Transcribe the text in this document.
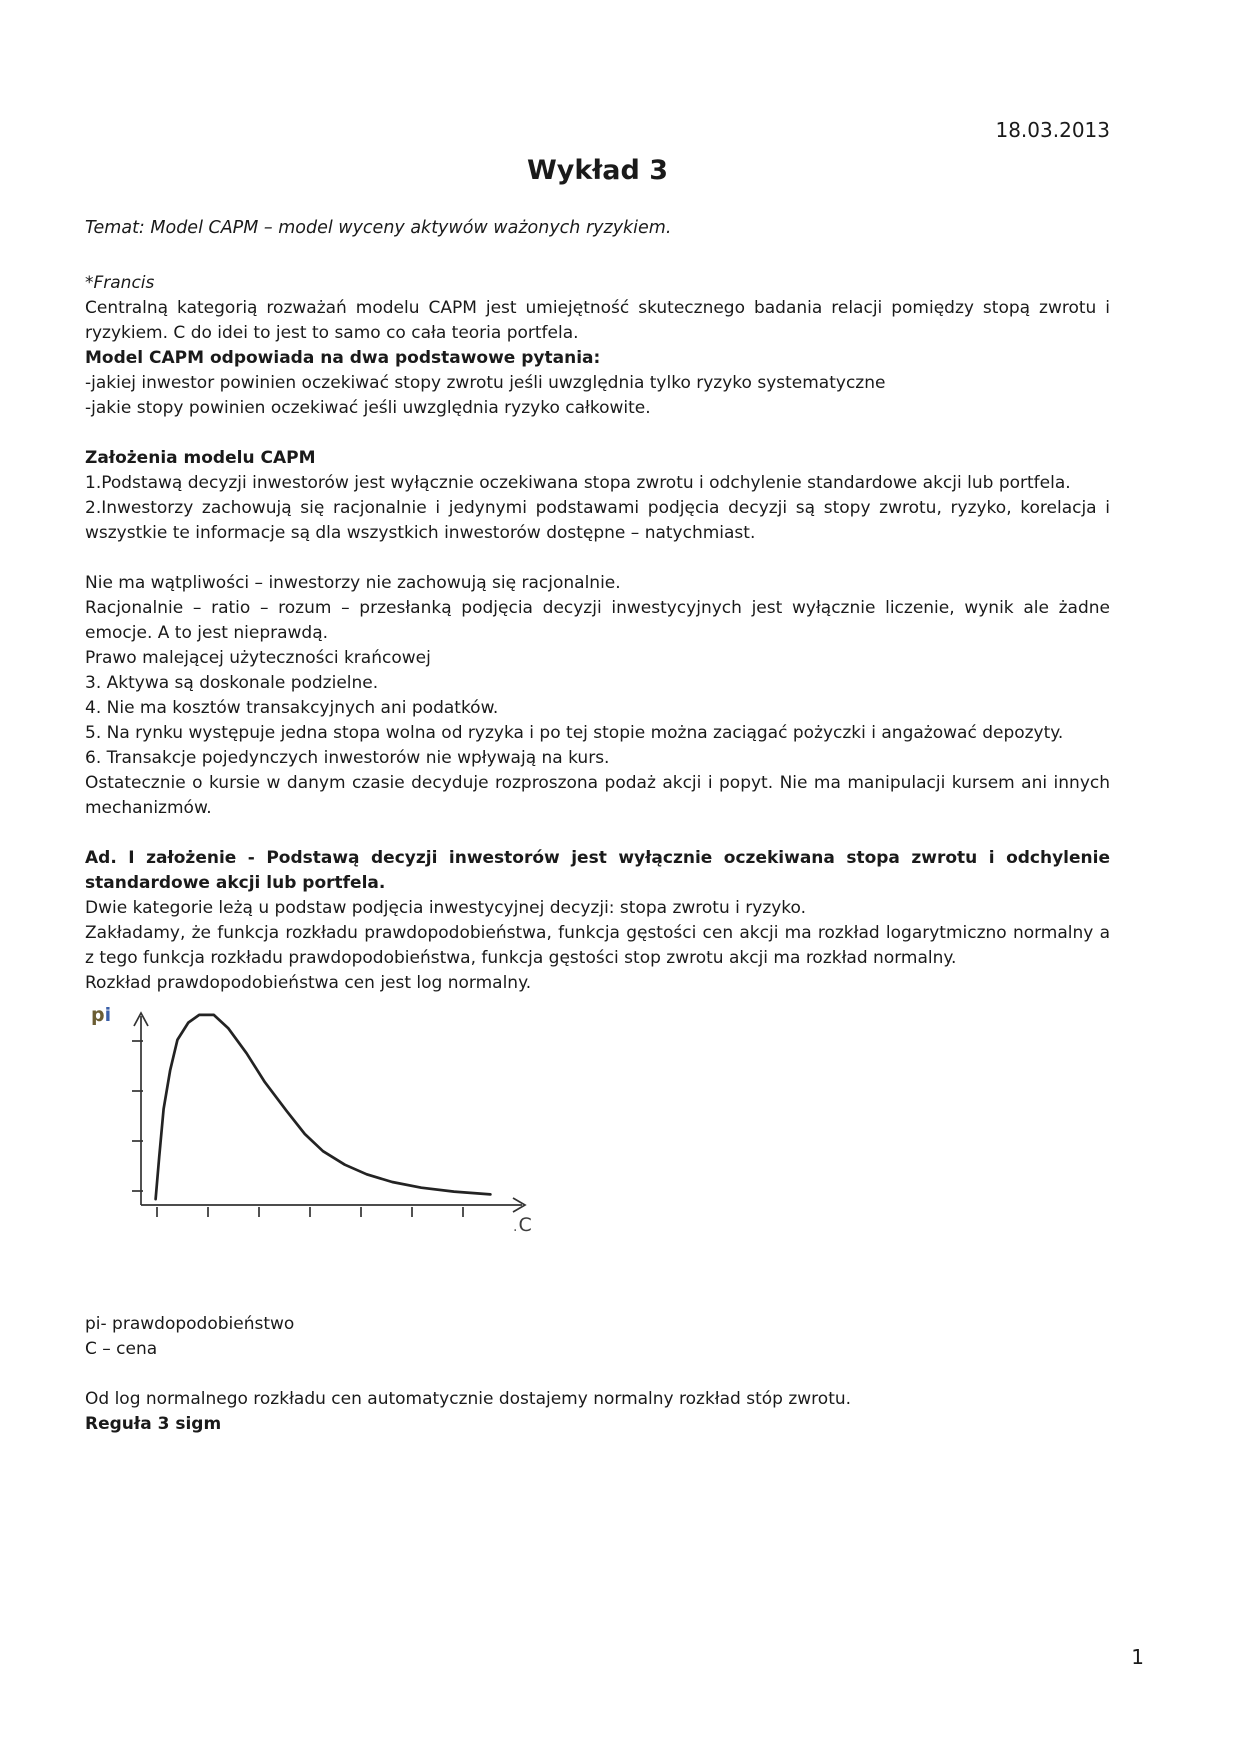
18.03.2013
Wykład 3

Temat: Model CAPM – model wyceny aktywów ważonych ryzykiem.

*Francis

Centralną kategorią rozważań modelu CAPM jest umiejętność skutecznego badania relacji pomiędzy stopą zwrotu i ryzykiem. C do idei to jest to samo co cała teoria portfela.

Model CAPM odpowiada na dwa podstawowe pytania:

-jakiej inwestor powinien oczekiwać stopy zwrotu jeśli uwzględnia tylko ryzyko systematyczne

-jakie stopy powinien oczekiwać jeśli uwzględnia ryzyko całkowite.

Założenia modelu CAPM

1.Podstawą decyzji inwestorów jest wyłącznie oczekiwana stopa zwrotu i odchylenie standardowe akcji lub portfela.

2.Inwestorzy zachowują się racjonalnie i jedynymi podstawami podjęcia decyzji są stopy zwrotu, ryzyko, korelacja i wszystkie te informacje są dla wszystkich inwestorów dostępne – natychmiast.

Nie ma wątpliwości – inwestorzy nie zachowują się racjonalnie.

Racjonalnie – ratio – rozum – przesłanką podjęcia decyzji inwestycyjnych jest wyłącznie liczenie, wynik ale żadne emocje. A to jest nieprawdą.

Prawo malejącej użyteczności krańcowej

3. Aktywa są doskonale podzielne.

4. Nie ma kosztów transakcyjnych ani podatków.

5. Na rynku występuje jedna stopa wolna od ryzyka i po tej stopie można zaciągać pożyczki i angażować depozyty.

6. Transakcje pojedynczych inwestorów nie wpływają na kurs.

Ostatecznie o kursie w danym czasie decyduje rozproszona podaż akcji i popyt. Nie ma manipulacji kursem ani innych mechanizmów.

Ad. I założenie - Podstawą decyzji inwestorów jest wyłącznie oczekiwana stopa zwrotu i odchylenie standardowe akcji lub portfela.

Dwie kategorie leżą u podstaw podjęcia inwestycyjnej decyzji: stopa zwrotu i ryzyko.

Zakładamy, że funkcja rozkładu prawdopodobieństwa, funkcja gęstości cen akcji ma rozkład logarytmiczno normalny a z tego funkcja rozkładu prawdopodobieństwa, funkcja gęstości stop zwrotu akcji ma rozkład normalny.

Rozkład prawdopodobieństwa cen jest log normalny.

pi
.C

pi- prawdopodobieństwo

C – cena

Od log normalnego rozkładu cen automatycznie dostajemy normalny rozkład stóp zwrotu.

Reguła 3 sigm

1
